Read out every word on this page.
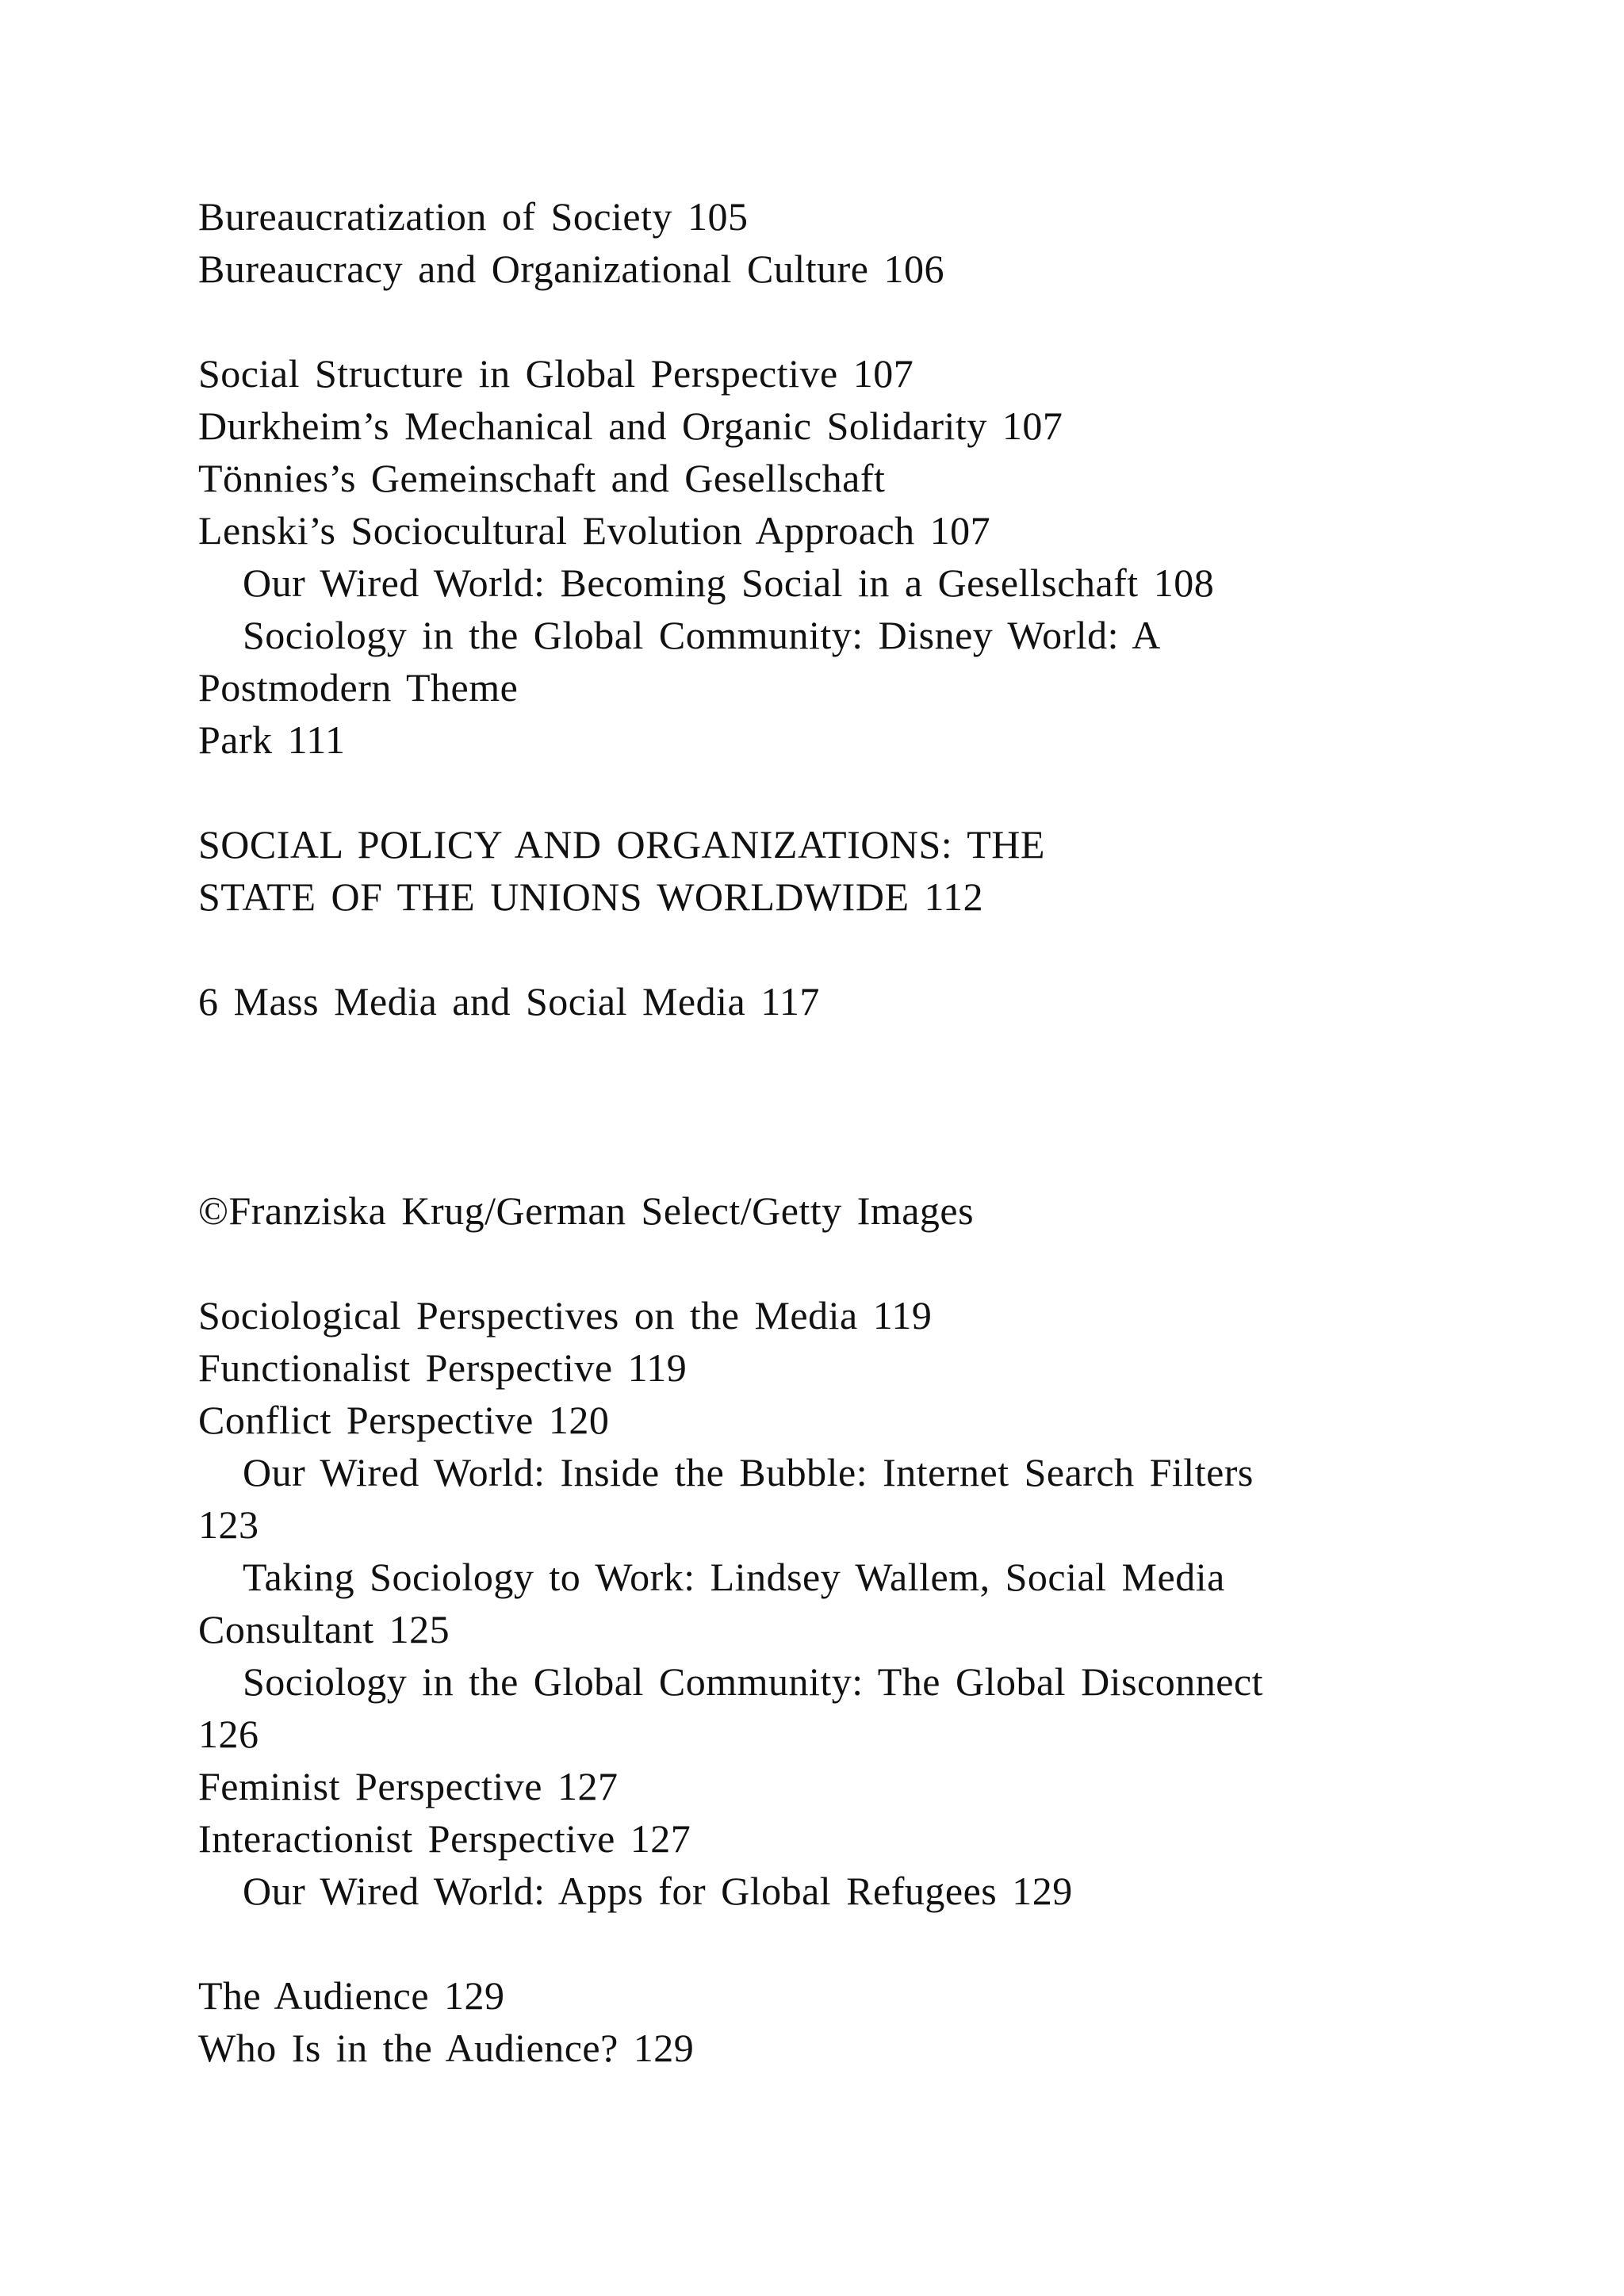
Bureaucratization of Society 105
Bureaucracy and Organizational Culture 106
Social Structure in Global Perspective 107
Durkheim’s Mechanical and Organic Solidarity 107
Tönnies’s Gemeinschaft and Gesellschaft
Lenski’s Sociocultural Evolution Approach 107
Our Wired World: Becoming Social in a Gesellschaft 108
Sociology in the Global Community: Disney World: A
Postmodern Theme
Park 111
SOCIAL POLICY AND ORGANIZATIONS: THE
STATE OF THE UNIONS WORLDWIDE 112
6 Mass Media and Social Media 117
©Franziska Krug/German Select/Getty Images
Sociological Perspectives on the Media 119
Functionalist Perspective 119
Conflict Perspective 120
Our Wired World: Inside the Bubble: Internet Search Filters
123
Taking Sociology to Work: Lindsey Wallem, Social Media
Consultant 125
Sociology in the Global Community: The Global Disconnect
126
Feminist Perspective 127
Interactionist Perspective 127
Our Wired World: Apps for Global Refugees 129
The Audience 129
Who Is in the Audience? 129
